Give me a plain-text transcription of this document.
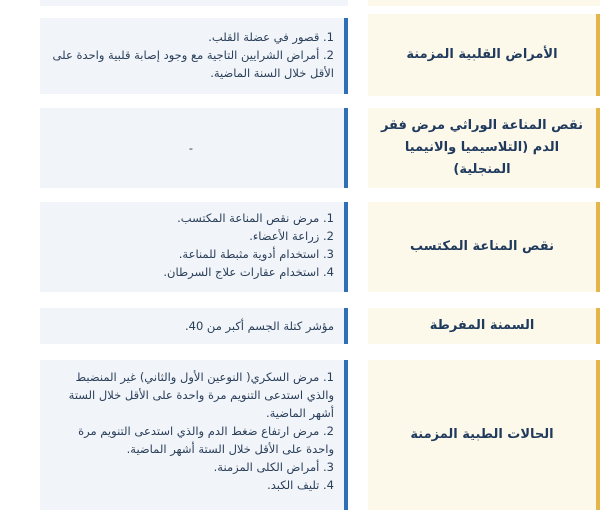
الأمراض القلبية المزمنة
1. قصور في عضلة القلب.
2. أمراض الشرايين التاجية مع وجود إصابة قلبية واحدة على الأقل خلال السنة الماضية.
نقص المناعة الوراثي مرض فقر الدم (التلاسيميا والانيميا المنجلية)
-
نقص المناعة المكتسب
1. مرض نقص المناعة المكتسب.
2. زراعة الأعضاء.
3. استخدام أدوية مثبطة للمناعة.
4. استخدام عقارات علاج السرطان.
السمنة المفرطة
مؤشر كتلة الجسم أكبر من 40.
الحالات الطبية المزمنة
1. مرض السكري( النوعين الأول والثاني) غير المنضبط والذي استدعى التنويم مرة واحدة على الأقل خلال الستة أشهر الماضية.
2. مرض ارتفاع ضغط الدم والذي استدعى التنويم مرة واحدة على الأقل خلال الستة أشهر الماضية.
3. أمراض الكلى المزمنة.
4. تليف الكبد.
